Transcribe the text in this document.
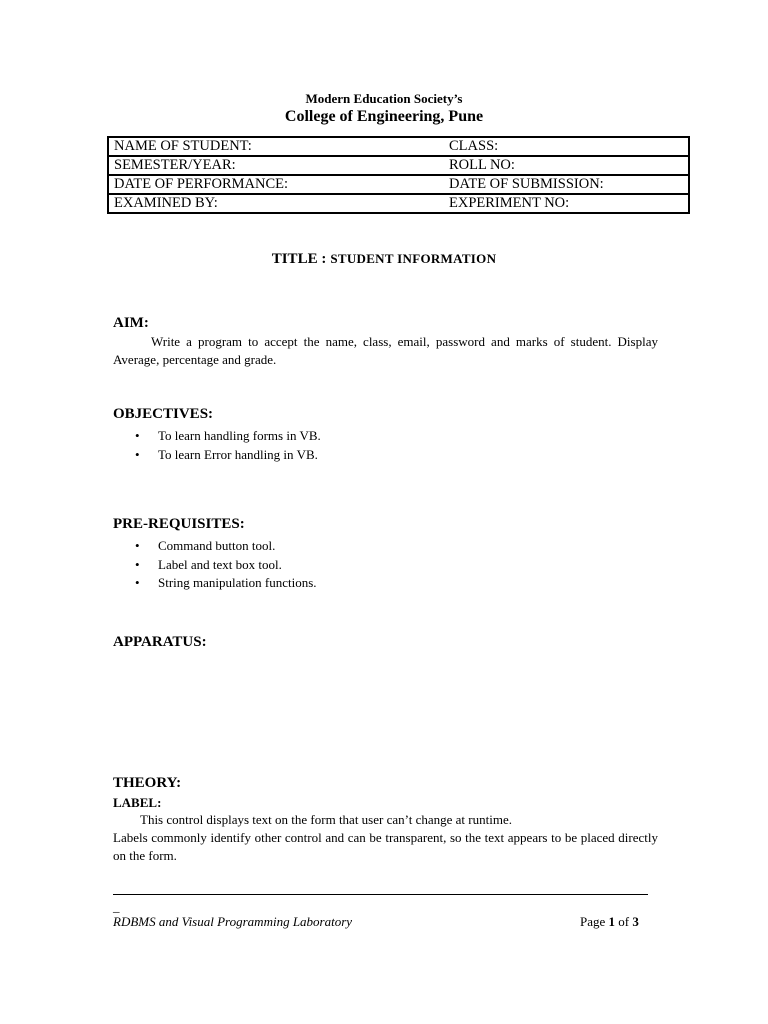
Modern Education Society’s
College of Engineering, Pune
NAME OF STUDENT:	CLASS:
SEMESTER/YEAR:	ROLL NO:
DATE OF PERFORMANCE:	DATE OF SUBMISSION:
EXAMINED BY:	EXPERIMENT NO:
TITLE : STUDENT INFORMATION
AIM:
Write a program to accept the name, class, email, password and marks of student. Display Average, percentage and grade.
OBJECTIVES:
• To learn handling forms in VB.
• To learn Error handling in VB.
PRE-REQUISITES:
• Command button tool.
• Label and text box tool.
• String manipulation functions.
APPARATUS:
THEORY:
LABEL:
This control displays text on the form that user can’t change at runtime.
Labels commonly identify other control and can be transparent, so the text appears to be placed directly on the form.
_
RDBMS and Visual Programming Laboratory	Page 1 of 3
